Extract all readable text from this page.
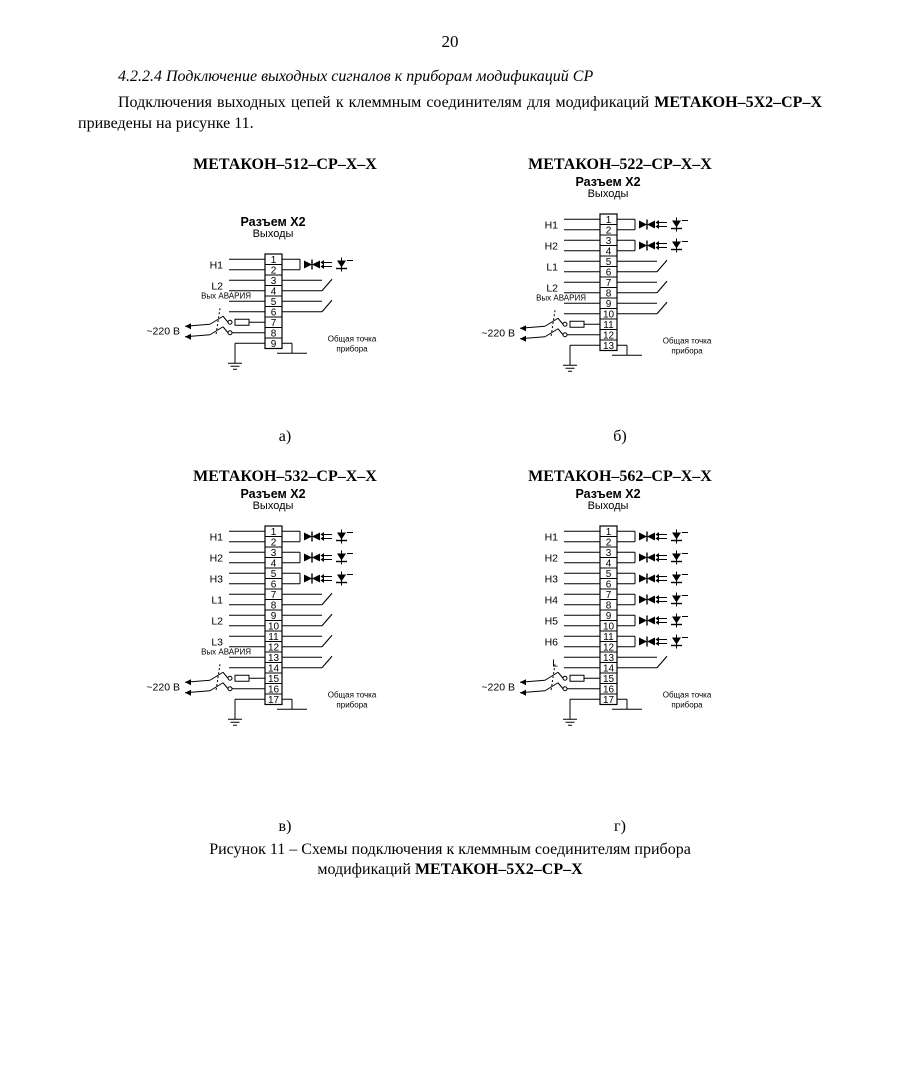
20
4.2.2.4 Подключение выходных сигналов к приборам модификаций СР

Подключения выходных цепей к клеммным соединителям для модификаций МЕТАКОН–5Х2–СР–Х приведены на рисунке 11.

МЕТАКОН–512–СР–Х–Х
Разъем Х2
Выходы
1
2
3
4
5
6
7
8
9
Н1
L2
Вых АВАРИЯ
~220 В
Общая точка
прибора
а)
МЕТАКОН–522–СР–Х–Х
Разъем Х2
Выходы
1
2
3
4
5
6
7
8
9
10
11
12
13
Н1
Н2
L1
L2
Вых АВАРИЯ
~220 В
Общая точка
прибора
б)
МЕТАКОН–532–СР–Х–Х
Разъем Х2
Выходы
1
2
3
4
5
6
7
8
9
10
11
12
13
14
15
16
17
Н1
Н2
Н3
L1
L2
L3
Вых АВАРИЯ
~220 В
Общая точка
прибора
в)
МЕТАКОН–562–СР–Х–Х
Разъем Х2
Выходы
1
2
3
4
5
6
7
8
9
10
11
12
13
14
15
16
17
Н1
Н2
Н3
Н4
Н5
Н6
L
~220 В
Общая точка
прибора
г)
Рисунок 11 – Схемы подключения к клеммным соединителям прибора
модификаций МЕТАКОН–5Х2–СР–Х
